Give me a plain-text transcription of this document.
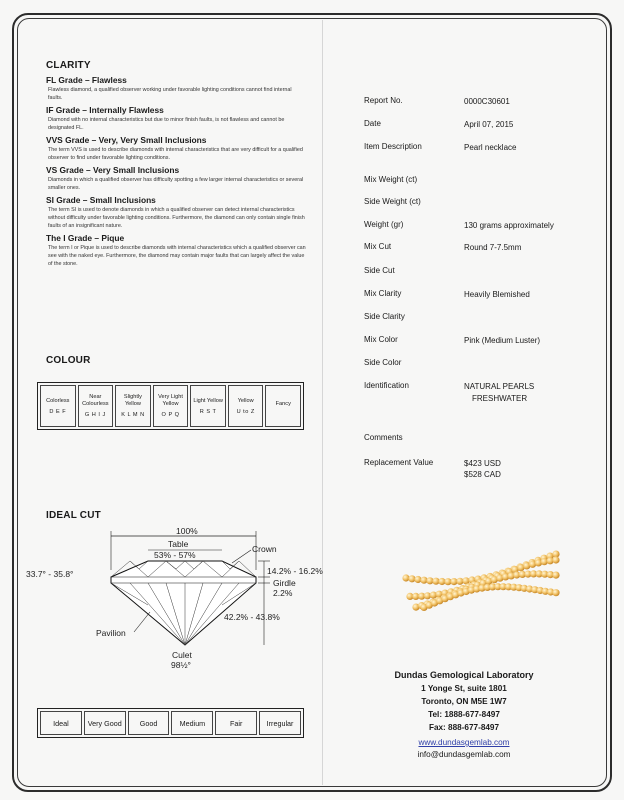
CLARITY
FL Grade – Flawless
Flawless diamond, a qualified observer working under favorable lighting conditions cannot find internal faults.
IF Grade – Internally Flawless
Diamond with no internal characteristics but due to minor finish faults, is not flawless and cannot be designated FL.
VVS Grade – Very, Very Small Inclusions
The term VVS is used to describe diamonds with internal characteristics that are very difficult for a qualified observer to find under favorable lighting conditions.
VS Grade – Very Small Inclusions
Diamonds in which a qualified observer has difficulty spotting a few larger internal characteristics or several smaller ones.
SI Grade – Small Inclusions
The term SI is used to denote diamonds in which a qualified observer can detect internal characteristics without difficulty under favorable lighting conditions. Furthermore, the diamond can only contain single finish faults of an insignificant nature.
The I Grade – Pique
The term I or Pique is used to describe diamonds with internal characteristics which a qualified observer can see with the naked eye. Furthermore, the diamond may contain major faults that can largely affect the value of the stone.
COLOUR
Colorless
D E F
Near Colourless
G H I J
Slightly Yellow
K L M N
Very Light Yellow
O P Q
Light Yellow
R S T
Yellow
U to Z
Fancy
IDEAL CUT
100%
Table
53% - 57%
Crown
33.7° - 35.8°	14.2% - 16.2%
Girdle
2.2%
42.2% - 43.8%
Pavilion
Culet
98½°
Ideal	Very Good	Good	Medium	Fair	Irregular
Report No.	0000C30601
Date	April 07, 2015
Item Description	Pearl necklace
Mix Weight (ct)
Side Weight (ct)
Weight (gr)	130 grams approximately
Mix Cut	Round 7-7.5mm
Side Cut
Mix Clarity	Heavily Blemished
Side Clarity
Mix Color	Pink (Medium Luster)
Side Color
Identification	NATURAL PEARLS
FRESHWATER
Comments
Replacement Value	$423 USD
$528 CAD
Dundas Gemological Laboratory
1 Yonge St, suite 1801
Toronto, ON M5E 1W7
Tel: 1888-677-8497
Fax: 888-677-8497
www.dundasgemlab.com
info@dundasgemlab.com
